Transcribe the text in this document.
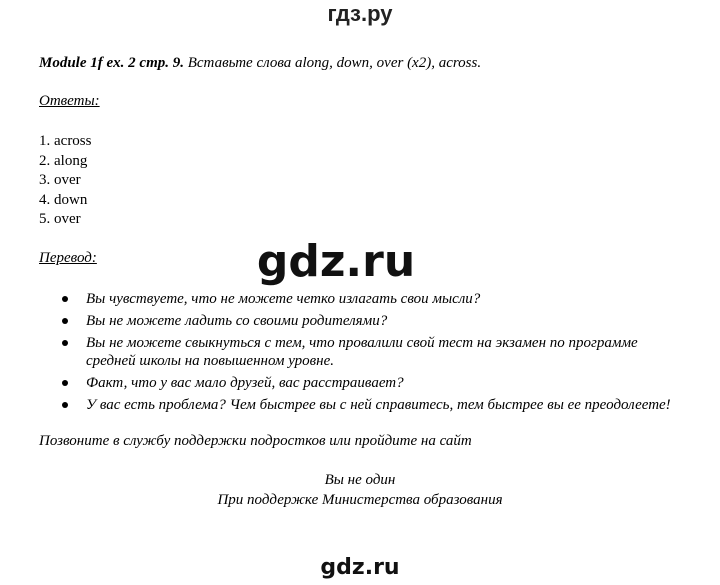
гдз.ру
Module 1f ex. 2 стр. 9. Вставьте слова along, down, over (x2), across.
Ответы:
1. across
2. along
3. over
4. down
5. over
Перевод:	gdz.ru
Вы чувствуете, что не можете четко излагать свои мысли?
Вы не можете ладить со своими родителями?
Вы не можете свыкнуться с тем, что провалили свой тест на экзамен по программе средней школы на повышенном уровне.
Факт, что у вас мало друзей, вас расстраивает?
У вас есть проблема? Чем быстрее вы с ней справитесь, тем быстрее вы ее преодолеете!
Позвоните в службу поддержки подростков или пройдите на сайт
Вы не один
При поддержке Министерства образования
gdz.ru
